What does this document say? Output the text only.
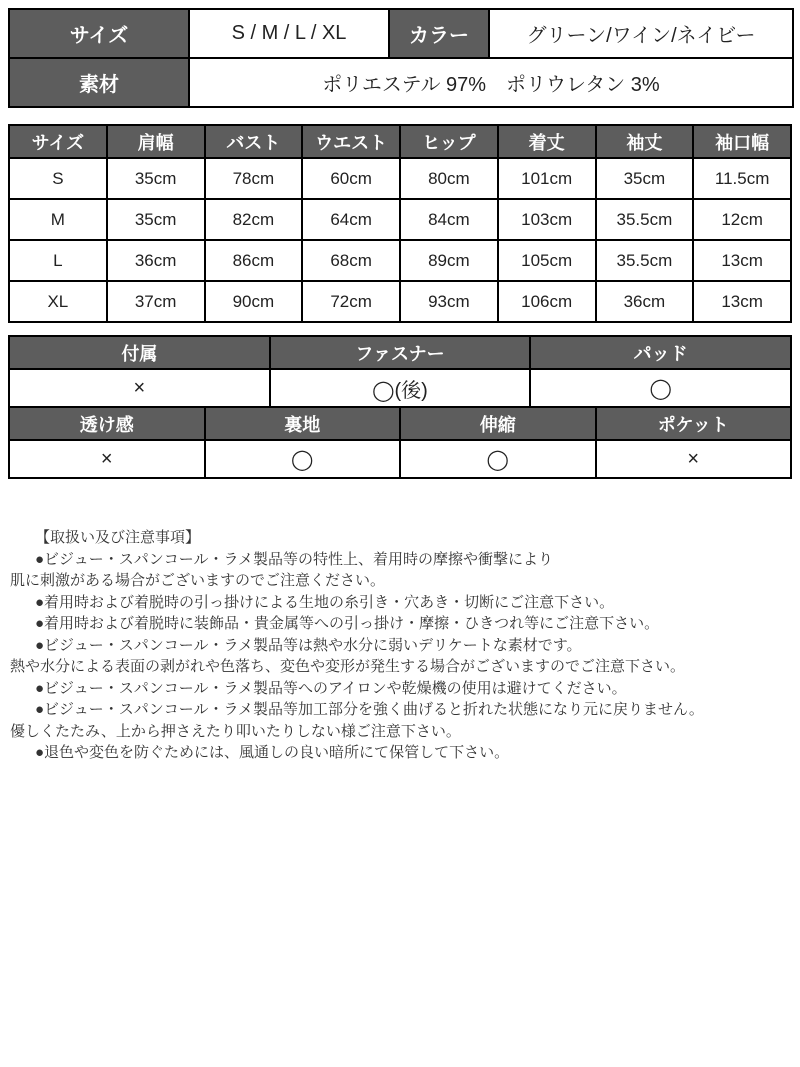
サイズ	S / M / L / XL	カラー	グリーン/ワイン/ネイビー
素材	ポリエステル 97%　ポリウレタン 3%		
サイズ	肩幅	バスト	ウエスト	ヒップ	着丈	袖丈	袖口幅
S	35cm	78cm	60cm	80cm	101cm	35cm	11.5cm
M	35cm	82cm	64cm	84cm	103cm	35.5cm	12cm
L	36cm	86cm	68cm	89cm	105cm	35.5cm	13cm
XL	37cm	90cm	72cm	93cm	106cm	36cm	13cm
付属	ファスナー	パッド
×	◯(後)	◯
透け感	裏地	伸縮	ポケット
×	◯	◯	×
【取扱い及び注意事項】
●ビジュー・スパンコール・ラメ製品等の特性上、着用時の摩擦や衝撃により
肌に刺激がある場合がございますのでご注意ください。
●着用時および着脱時の引っ掛けによる生地の糸引き・穴あき・切断にご注意下さい。
●着用時および着脱時に装飾品・貴金属等への引っ掛け・摩擦・ひきつれ等にご注意下さい。
●ビジュー・スパンコール・ラメ製品等は熱や水分に弱いデリケートな素材です。
熱や水分による表面の剥がれや色落ち、変色や変形が発生する場合がございますのでご注意下さい。
●ビジュー・スパンコール・ラメ製品等へのアイロンや乾燥機の使用は避けてください。
●ビジュー・スパンコール・ラメ製品等加工部分を強く曲げると折れた状態になり元に戻りません。
優しくたたみ、上から押さえたり叩いたりしない様ご注意下さい。
●退色や変色を防ぐためには、風通しの良い暗所にて保管して下さい。
